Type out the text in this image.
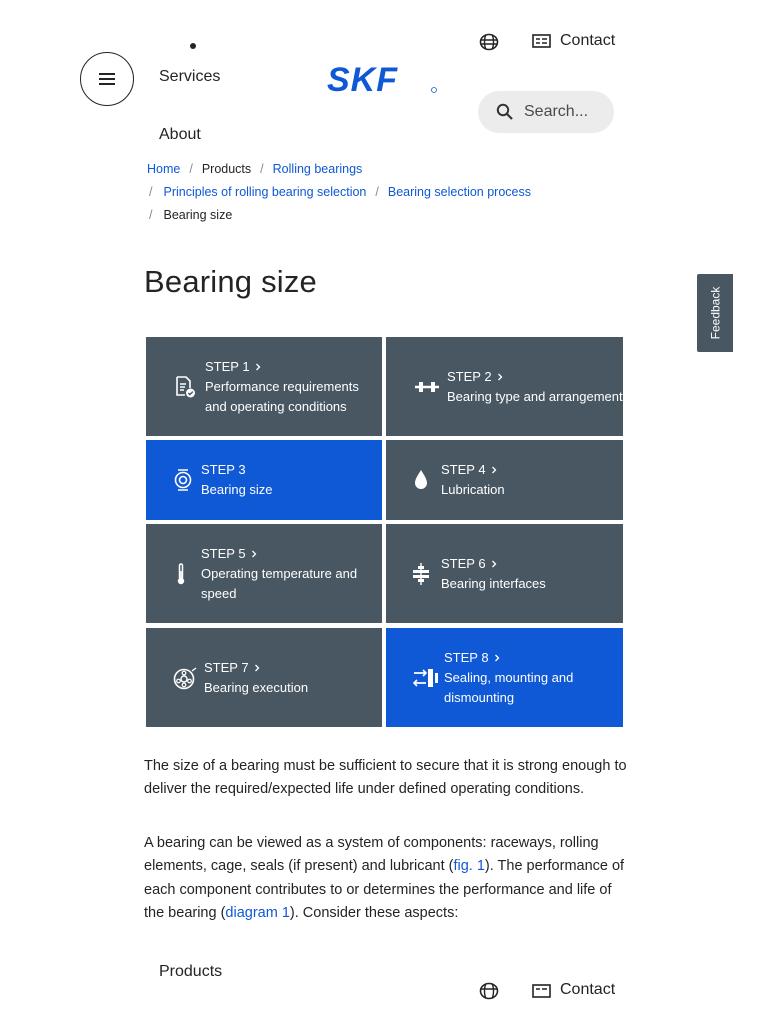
Services
About
SKF
Contact
Search...
Home / Products / Rolling bearings
/ Principles of rolling bearing selection / Bearing selection process
/ Bearing size
Bearing size
STEP 1
Performance requirements and operating conditions
STEP 2
Bearing type and arrangement
STEP 3
Bearing size
STEP 4
Lubrication
STEP 5
Operating temperature and speed
STEP 6
Bearing interfaces
STEP 7
Bearing execution
STEP 8
Sealing, mounting and dismounting

The size of a bearing must be sufficient to secure that it is strong enough to deliver the required/expected life under defined operating conditions.

A bearing can be viewed as a system of components: raceways, rolling elements, cage, seals (if present) and lubricant (fig. 1). The performance of each component contributes to or determines the performance and life of the bearing (diagram 1). Consider these aspects:

Products
Contact
Feedback
